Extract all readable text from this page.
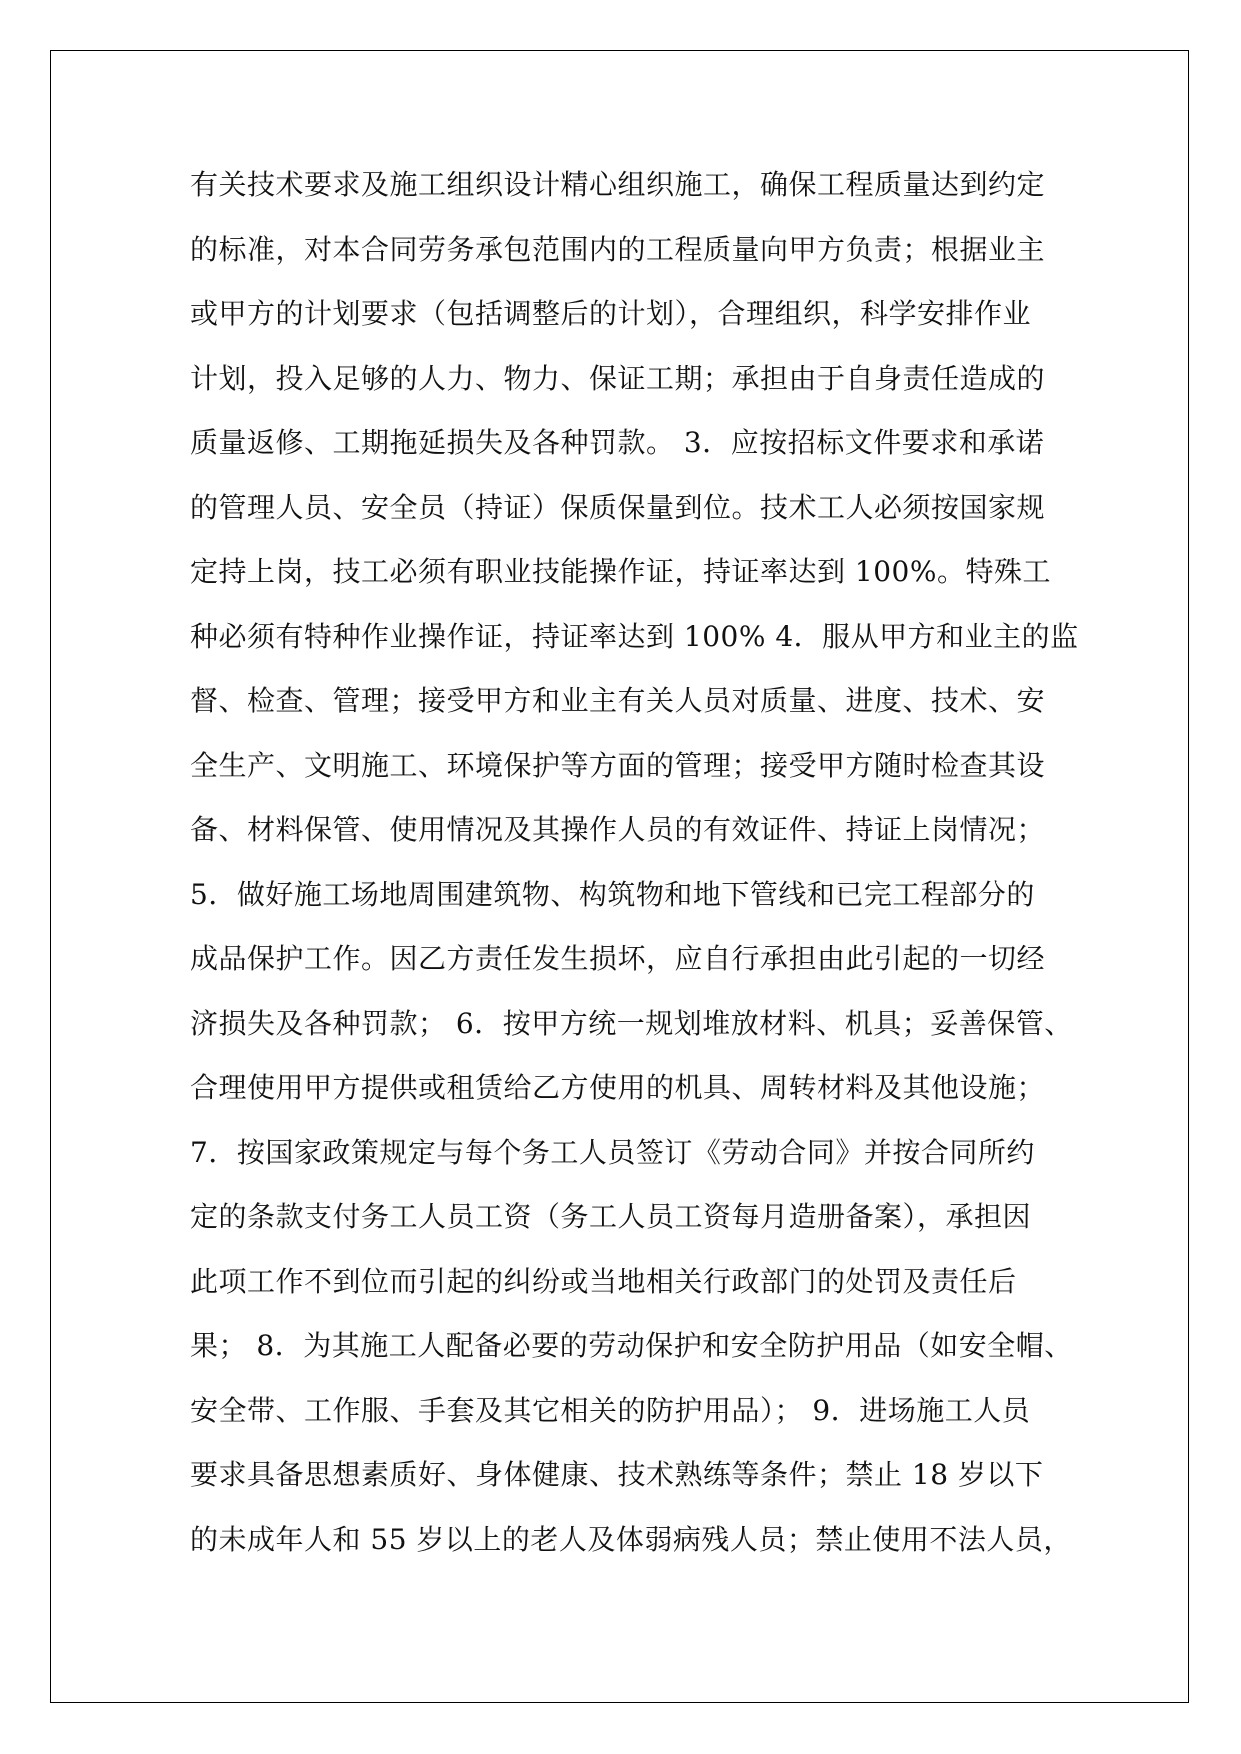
有关技术要求及施工组织设计精心组织施工，确保工程质量达到约定
的标准，对本合同劳务承包范围内的工程质量向甲方负责；根据业主
或甲方的计划要求（包括调整后的计划），合理组织，科学安排作业
计划，投入足够的人力、物力、保证工期；承担由于自身责任造成的
质量返修、工期拖延损失及各种罚款。 3．应按招标文件要求和承诺
的管理人员、安全员（持证）保质保量到位。技术工人必须按国家规
定持上岗，技工必须有职业技能操作证，持证率达到 100%。特殊工
种必须有特种作业操作证，持证率达到 100% 4．服从甲方和业主的监
督、检查、管理；接受甲方和业主有关人员对质量、进度、技术、安
全生产、文明施工、环境保护等方面的管理；接受甲方随时检查其设
备、材料保管、使用情况及其操作人员的有效证件、持证上岗情况；
5．做好施工场地周围建筑物、构筑物和地下管线和已完工程部分的
成品保护工作。因乙方责任发生损坏，应自行承担由此引起的一切经
济损失及各种罚款； 6．按甲方统一规划堆放材料、机具；妥善保管、
合理使用甲方提供或租赁给乙方使用的机具、周转材料及其他设施；
7．按国家政策规定与每个务工人员签订《劳动合同》并按合同所约
定的条款支付务工人员工资（务工人员工资每月造册备案），承担因
此项工作不到位而引起的纠纷或当地相关行政部门的处罚及责任后
果； 8．为其施工人配备必要的劳动保护和安全防护用品（如安全帽、
安全带、工作服、手套及其它相关的防护用品）； 9．进场施工人员
要求具备思想素质好、身体健康、技术熟练等条件；禁止 18 岁以下
的未成年人和 55 岁以上的老人及体弱病残人员；禁止使用不法人员，
